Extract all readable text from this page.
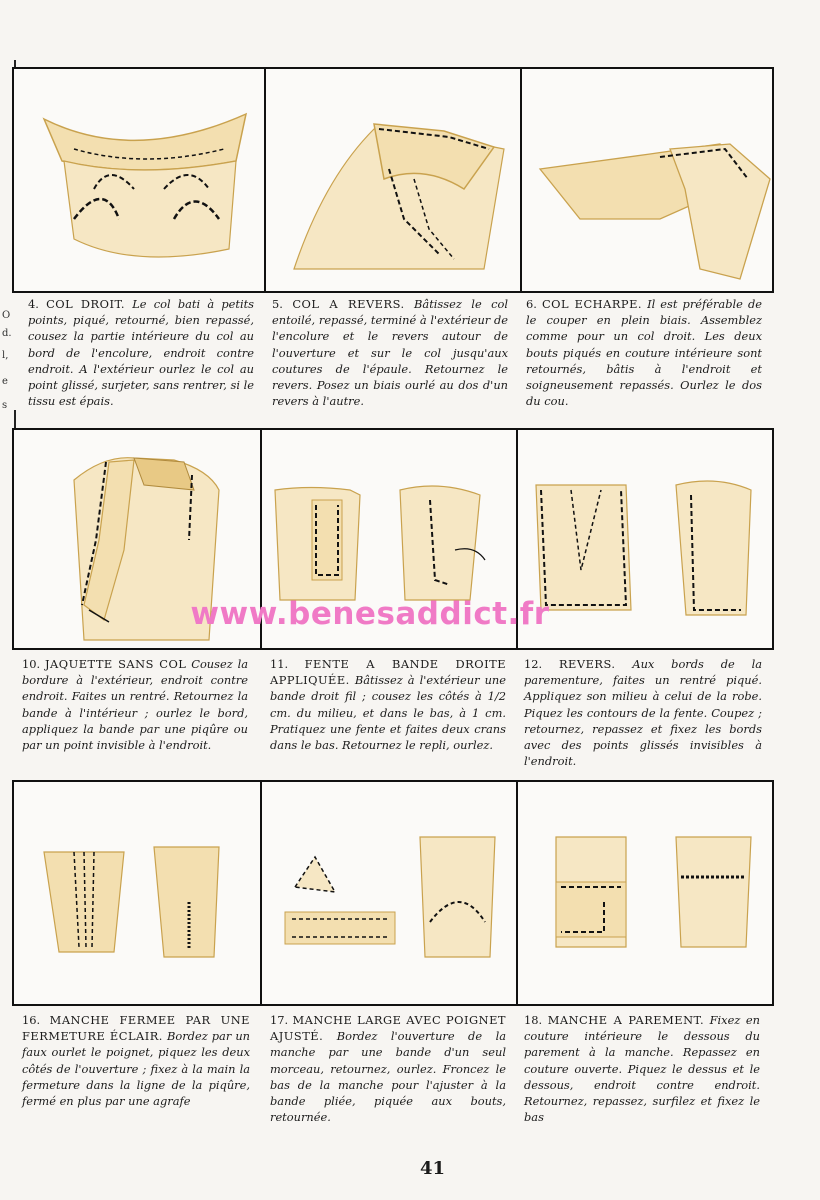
O
d.
l,
e
s
4. COL DROIT. Le col bati à petits points, piqué, retourné, bien repassé, cousez la partie intérieure du col au bord de l'encolure, endroit contre endroit. A l'extérieur ourlez le col au point glissé, surjeter, sans rentrer, si le tissu est épais.
5. COL A REVERS. Bâtissez le col entoilé, repassé, terminé à l'extérieur de l'encolure et le revers autour de l'ouverture et sur le col jusqu'aux coutures de l'épaule. Retournez le revers. Posez un biais ourlé au dos d'un revers à l'autre.
6. COL ECHARPE. Il est préférable de le couper en plein biais. Assemblez comme pour un col droit. Les deux bouts piqués en couture intérieure sont retournés, bâtis à l'endroit et soigneusement repassés. Ourlez le dos du cou.
www.benesaddict.fr
10. JAQUETTE SANS COL Cousez la bordure à l'extérieur, endroit contre endroit. Faites un rentré. Retournez la bande à l'intérieur ; ourlez le bord, appliquez la bande par une piqûre ou par un point invisible à l'endroit.
11. FENTE A BANDE DROITE APPLIQUÉE. Bâtissez à l'extérieur une bande droit fil ; cousez les côtés à 1/2 cm. du milieu, et dans le bas, à 1 cm. Pratiquez une fente et faites deux crans dans le bas. Retournez le repli, ourlez.
12. REVERS. Aux bords de la parementure, faites un rentré piqué. Appliquez son milieu à celui de la robe. Piquez les contours de la fente. Coupez ; retournez, repassez et fixez les bords avec des points glissés invisibles à l'endroit.
16. MANCHE FERMEE PAR UNE FERMETURE ÉCLAIR. Bordez par un faux ourlet le poignet, piquez les deux côtés de l'ouverture ; fixez à la main la fermeture dans la ligne de la piqûre, fermé en plus par une agrafe
17. MANCHE LARGE AVEC POIGNET AJUSTÉ. Bordez l'ouverture de la manche par une bande d'un seul morceau, retournez, ourlez. Froncez le bas de la manche pour l'ajuster à la bande pliée, piquée aux bouts, retournée.
18. MANCHE A PAREMENT. Fixez en couture intérieure le dessous du parement à la manche. Repassez en couture ouverte. Piquez le dessus et le dessous, endroit contre endroit. Retournez, repassez, surfilez et fixez le bas
41
